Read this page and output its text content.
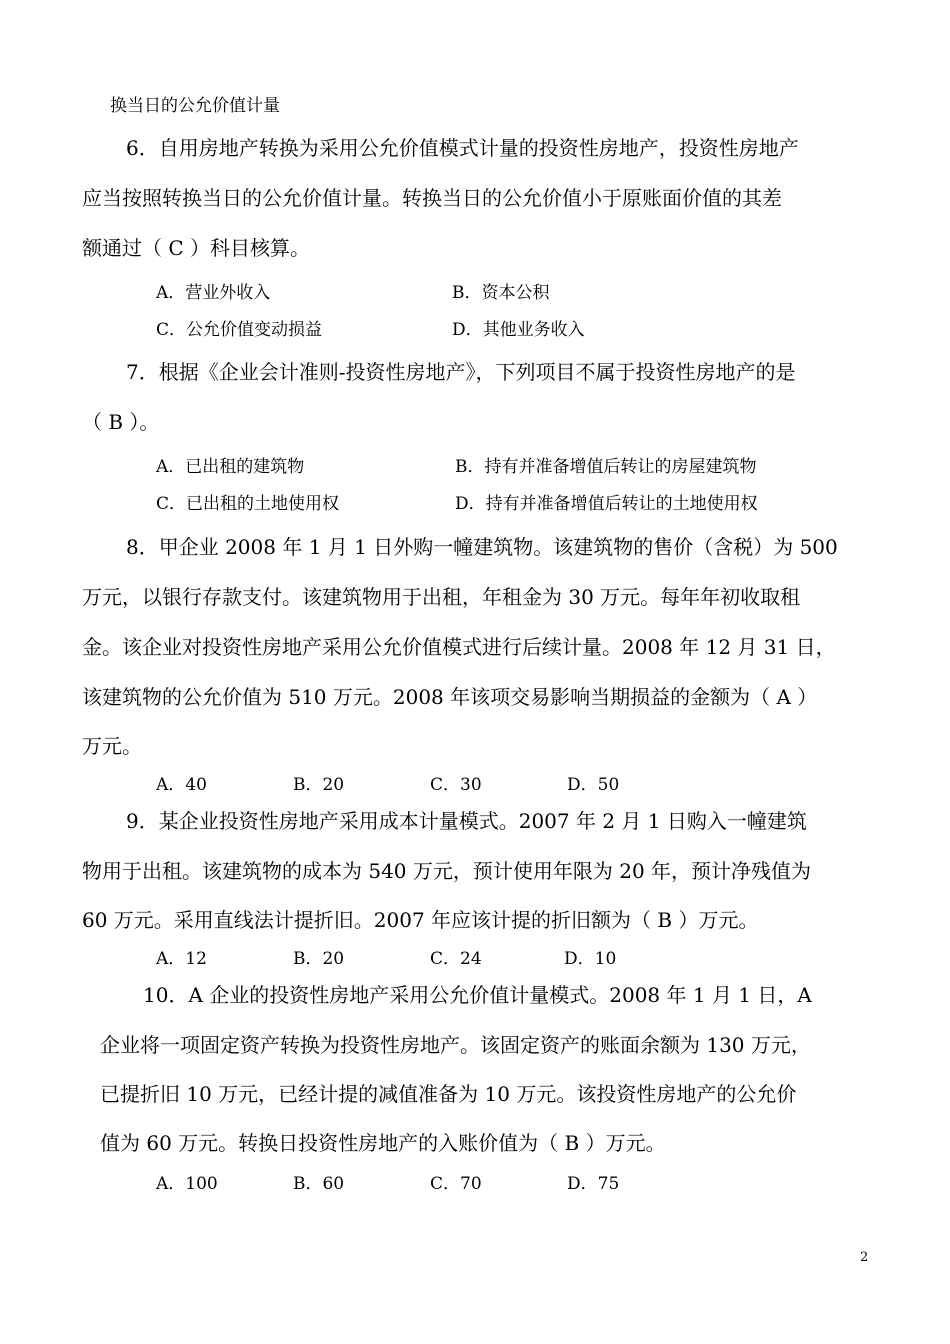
换当日的公允价值计量
6．自用房地产转换为采用公允价值模式计量的投资性房地产，投资性房地产
应当按照转换当日的公允价值计量。转换当日的公允价值小于原账面价值的其差
额通过（ C ）科目核算。
A．营业外收入	B．资本公积
C．公允价值变动损益	D．其他业务收入
7．根据《企业会计准则-投资性房地产》，下列项目不属于投资性房地产的是
（ B ）。
A．已出租的建筑物	B．持有并准备增值后转让的房屋建筑物
C．已出租的土地使用权	D．持有并准备增值后转让的土地使用权
8．甲企业 2008 年 1 月 1 日外购一幢建筑物。该建筑物的售价（含税）为 500
万元，以银行存款支付。该建筑物用于出租，年租金为 30 万元。每年年初收取租
金。该企业对投资性房地产采用公允价值模式进行后续计量。2008 年 12 月 31 日，
该建筑物的公允价值为 510 万元。2008 年该项交易影响当期损益的金额为（ A ）
万元。
A．40	B．20	C．30	D．50
9．某企业投资性房地产采用成本计量模式。2007 年 2 月 1 日购入一幢建筑
物用于出租。该建筑物的成本为 540 万元，预计使用年限为 20 年，预计净残值为
60 万元。采用直线法计提折旧。2007 年应该计提的折旧额为（ B ）万元。
A．12	B．20	C．24	D．10
10．A 企业的投资性房地产采用公允价值计量模式。2008 年 1 月 1 日，A
企业将一项固定资产转换为投资性房地产。该固定资产的账面余额为 130 万元，
已提折旧 10 万元，已经计提的减值准备为 10 万元。该投资性房地产的公允价
值为 60 万元。转换日投资性房地产的入账价值为（ B ）万元。
A．100	B．60	C．70	D．75
2
